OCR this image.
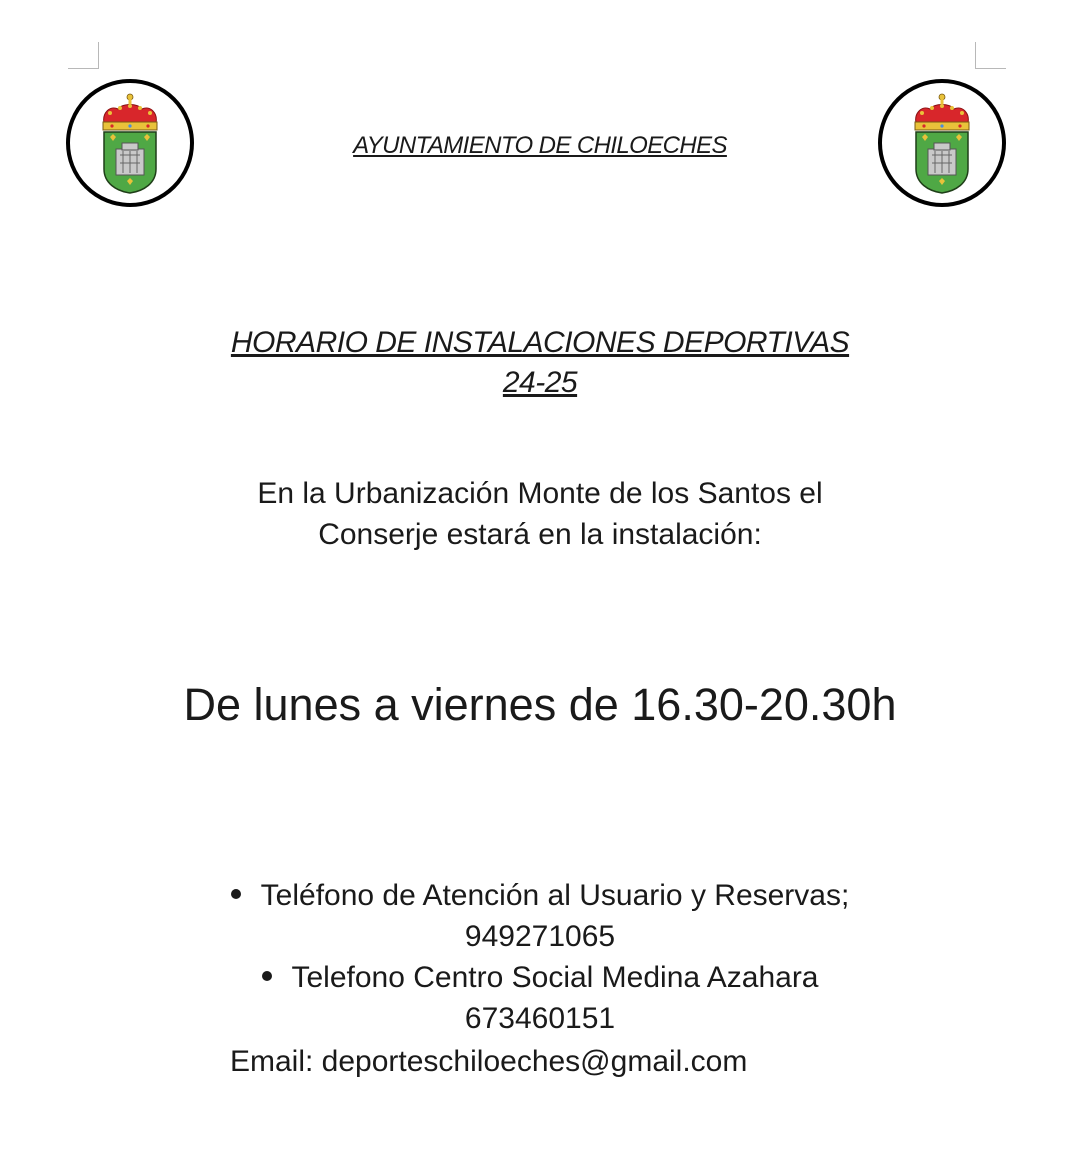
AYUNTAMIENTO DE CHILOECHES
HORARIO DE INSTALACIONES DEPORTIVAS
24-25
En la Urbanización Monte de los Santos el
Conserje estará en la instalación:
De lunes a viernes de 16.30-20.30h
Teléfono de Atención al Usuario y Reservas;
949271065
Telefono Centro Social Medina Azahara
673460151
Email: deporteschiloeches@gmail.com
